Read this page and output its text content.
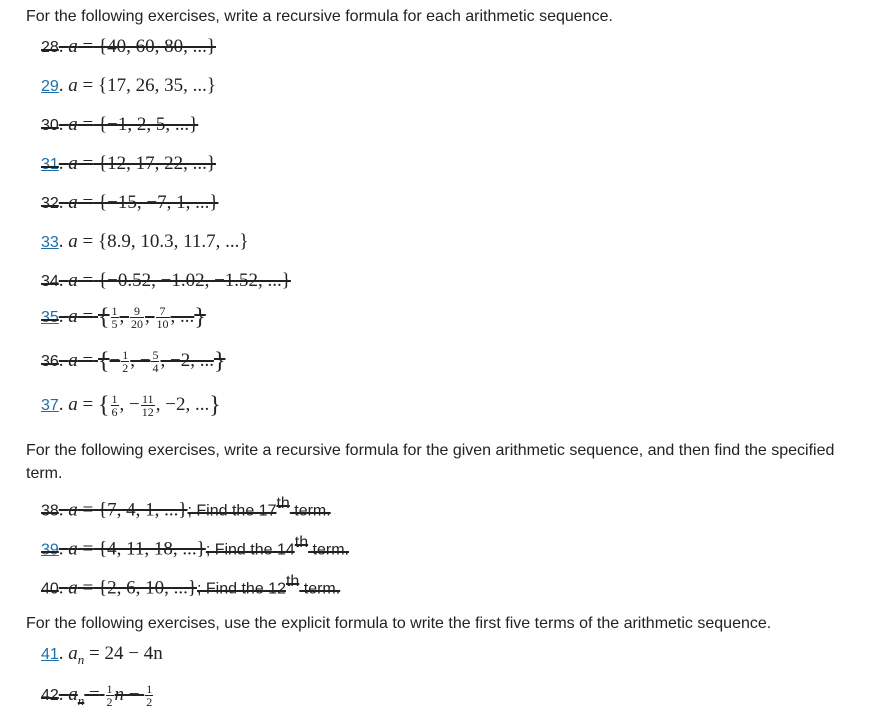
For the following exercises, write a recursive formula for each arithmetic sequence.
28. a = {40, 60, 80, ...}
29. a = {17, 26, 35, ...}
30. a = {−1, 2, 5, ...}
31. a = {12, 17, 22, ...}
32. a = {−15, −7, 1, ...}
33. a = {8.9, 10.3, 11.7, ...}
34. a = {−0.52, −1.02, −1.52, ...}
35. a = { $\frac{1}{5}$ , $\frac{9}{20}$ , $\frac{7}{10}$ , ...}
36. a = {− $\frac{1}{2}$ , − $\frac{5}{4}$ , −2, ...}
37. a = { $\frac{1}{6}$ , − $\frac{11}{12}$ , −2, ...}
For the following exercises, write a recursive formula for the given arithmetic sequence, and then find the specified term.
38. a = {7, 4, 1, ...}; Find the 17th term.
39. a = {4, 11, 18, ...}; Find the 14th term.
40. a = {2, 6, 10, ...}; Find the 12th term.
For the following exercises, use the explicit formula to write the first five terms of the arithmetic sequence.
41. $a_n = 24 - 4n$
42. $a_n = \frac{1}{2}$ $n - \frac{1}{2}$
